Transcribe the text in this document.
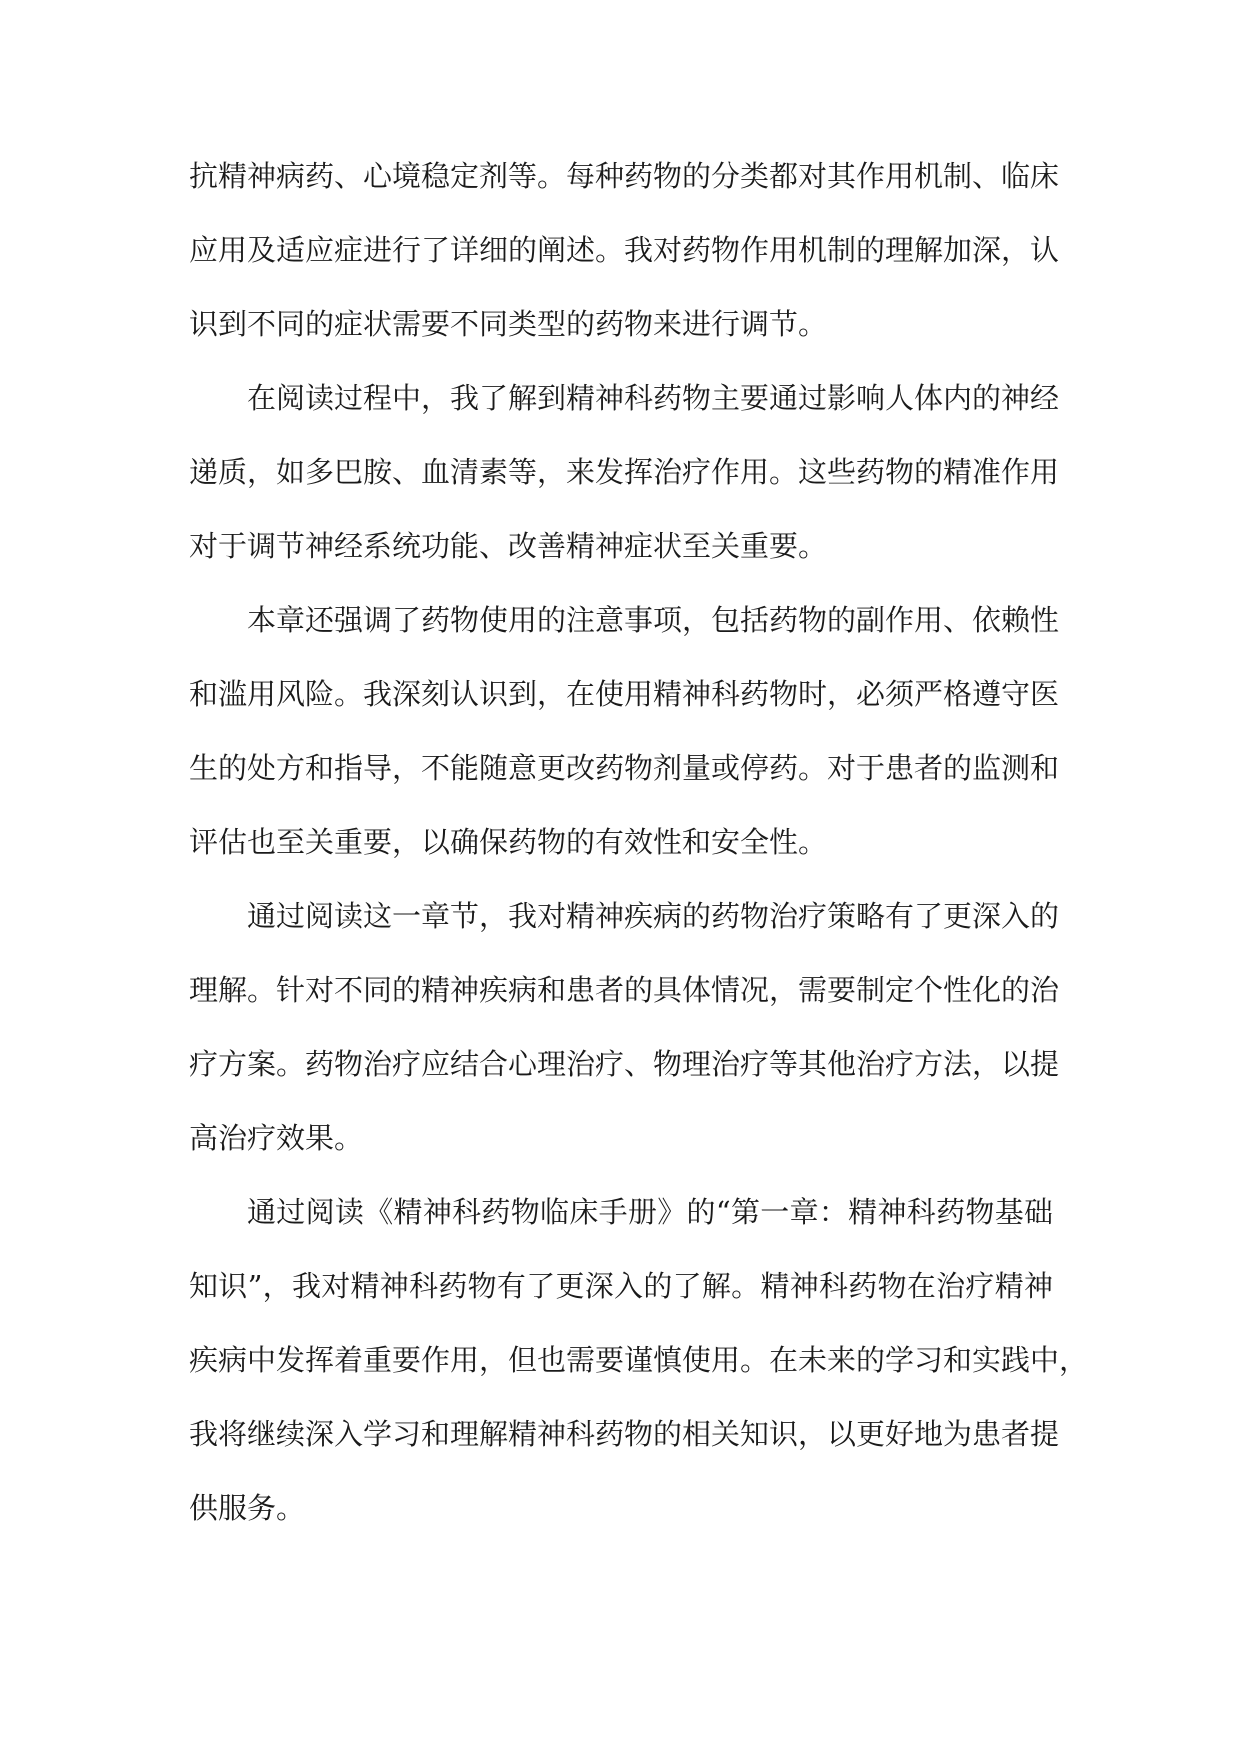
抗精神病药、心境稳定剂等。每种药物的分类都对其作用机制、临床
应用及适应症进行了详细的阐述。我对药物作用机制的理解加深，认
识到不同的症状需要不同类型的药物来进行调节。

在阅读过程中，我了解到精神科药物主要通过影响人体内的神经
递质，如多巴胺、血清素等，来发挥治疗作用。这些药物的精准作用
对于调节神经系统功能、改善精神症状至关重要。

本章还强调了药物使用的注意事项，包括药物的副作用、依赖性
和滥用风险。我深刻认识到，在使用精神科药物时，必须严格遵守医
生的处方和指导，不能随意更改药物剂量或停药。对于患者的监测和
评估也至关重要，以确保药物的有效性和安全性。

通过阅读这一章节，我对精神疾病的药物治疗策略有了更深入的
理解。针对不同的精神疾病和患者的具体情况，需要制定个性化的治
疗方案。药物治疗应结合心理治疗、物理治疗等其他治疗方法，以提
高治疗效果。

通过阅读《精神科药物临床手册》的“第一章：精神科药物基础
知识”，我对精神科药物有了更深入的了解。精神科药物在治疗精神
疾病中发挥着重要作用，但也需要谨慎使用。在未来的学习和实践中，
我将继续深入学习和理解精神科药物的相关知识，以更好地为患者提
供服务。
